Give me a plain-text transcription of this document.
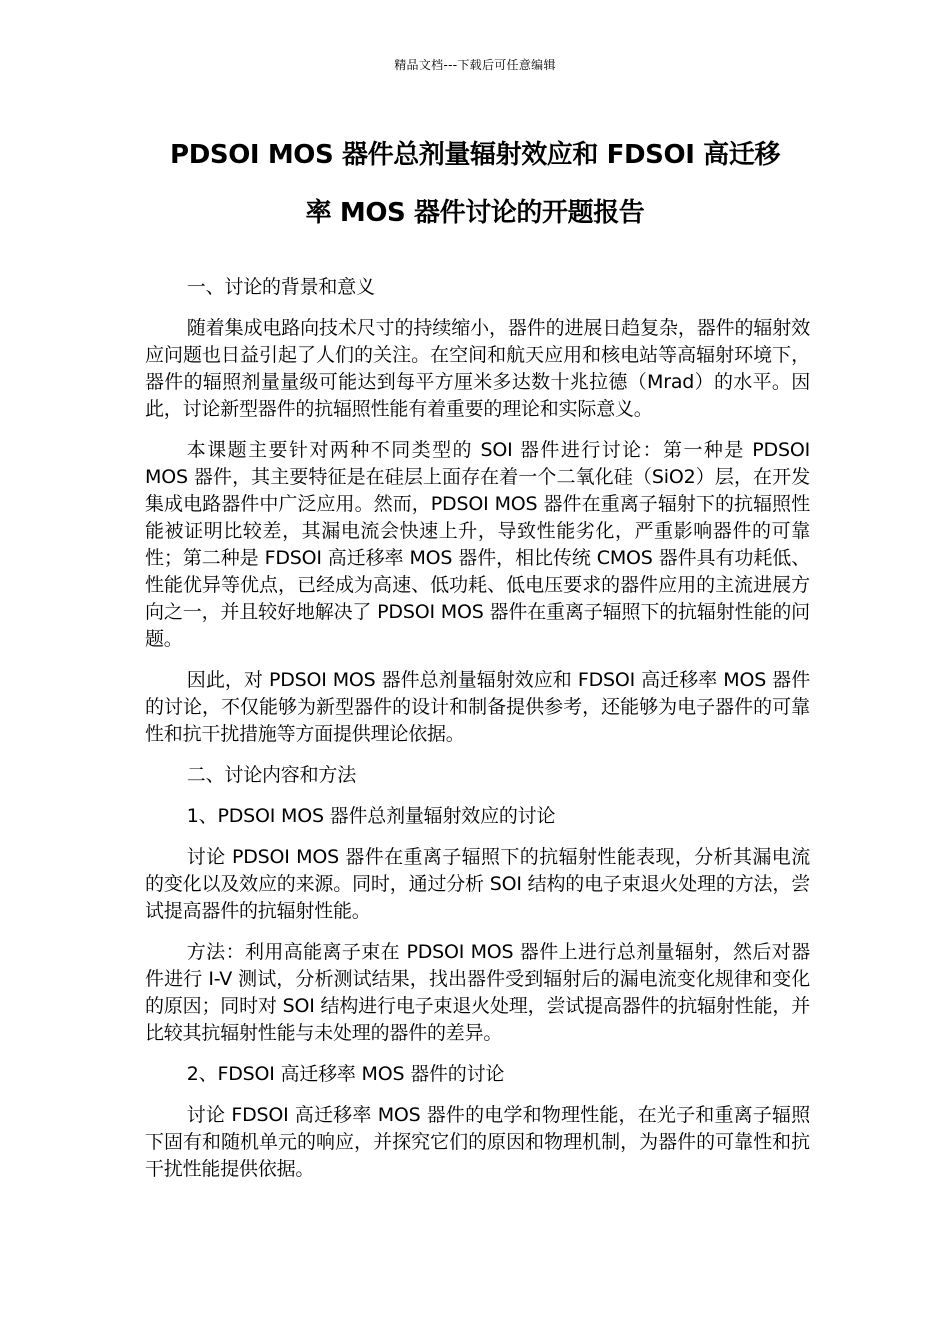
精品文档---下载后可任意编辑
PDSOI MOS 器件总剂量辐射效应和 FDSOI 高迁移
率 MOS 器件讨论的开题报告

一、讨论的背景和意义

随着集成电路向技术尺寸的持续缩小，器件的进展日趋复杂，器件的辐射效应问题也日益引起了人们的关注。在空间和航天应用和核电站等高辐射环境下，器件的辐照剂量量级可能达到每平方厘米多达数十兆拉德（Mrad）的水平。因此，讨论新型器件的抗辐照性能有着重要的理论和实际意义。

本课题主要针对两种不同类型的 SOI 器件进行讨论：第一种是 PDSOI MOS 器件，其主要特征是在硅层上面存在着一个二氧化硅（SiO2）层，在开发集成电路器件中广泛应用。然而，PDSOI MOS 器件在重离子辐射下的抗辐照性能被证明比较差，其漏电流会快速上升，导致性能劣化，严重影响器件的可靠性；第二种是 FDSOI 高迁移率 MOS 器件，相比传统 CMOS 器件具有功耗低、性能优异等优点，已经成为高速、低功耗、低电压要求的器件应用的主流进展方向之一，并且较好地解决了 PDSOI MOS 器件在重离子辐照下的抗辐射性能的问题。

因此，对 PDSOI MOS 器件总剂量辐射效应和 FDSOI 高迁移率 MOS 器件的讨论，不仅能够为新型器件的设计和制备提供参考，还能够为电子器件的可靠性和抗干扰措施等方面提供理论依据。

二、讨论内容和方法

1、PDSOI MOS 器件总剂量辐射效应的讨论

讨论 PDSOI MOS 器件在重离子辐照下的抗辐射性能表现，分析其漏电流的变化以及效应的来源。同时，通过分析 SOI 结构的电子束退火处理的方法，尝试提高器件的抗辐射性能。

方法：利用高能离子束在 PDSOI MOS 器件上进行总剂量辐射，然后对器件进行 I-V 测试，分析测试结果，找出器件受到辐射后的漏电流变化规律和变化的原因；同时对 SOI 结构进行电子束退火处理，尝试提高器件的抗辐射性能，并比较其抗辐射性能与未处理的器件的差异。

2、FDSOI 高迁移率 MOS 器件的讨论

讨论 FDSOI 高迁移率 MOS 器件的电学和物理性能，在光子和重离子辐照下固有和随机单元的响应，并探究它们的原因和物理机制，为器件的可靠性和抗干扰性能提供依据。
